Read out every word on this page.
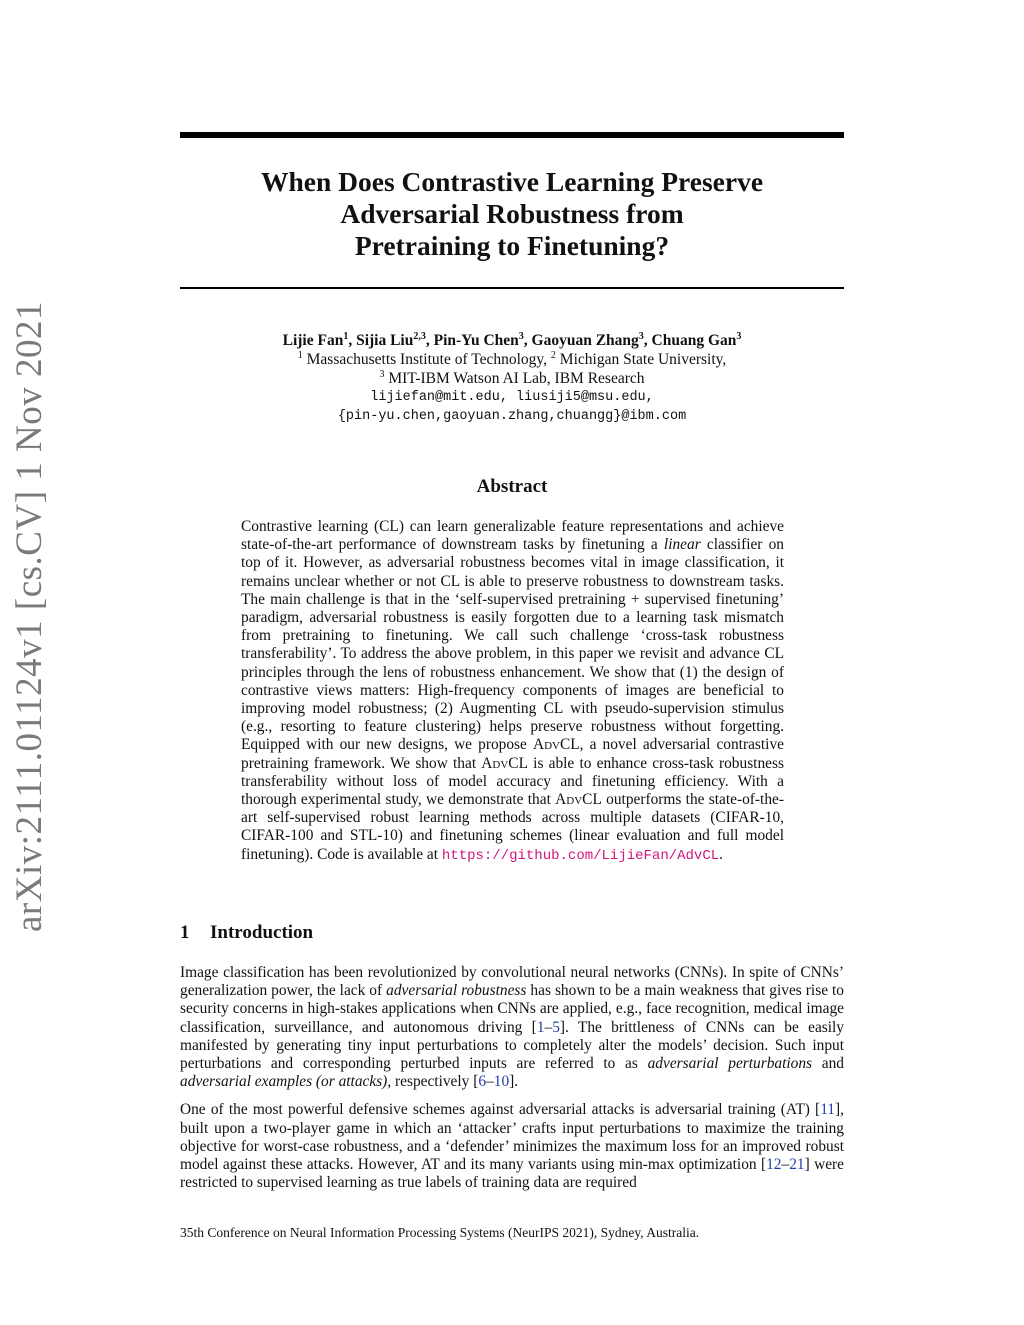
arXiv:2111.01124v1 [cs.CV] 1 Nov 2021
When Does Contrastive Learning Preserve
Adversarial Robustness from
Pretraining to Finetuning?
Lijie Fan$^1$, Sijia Liu$^{2,3}$, Pin-Yu Chen$^3$, Gaoyuan Zhang$^3$, Chuang Gan$^3$
$^1$ Massachusetts Institute of Technology, $^2$ Michigan State University,
$^3$ MIT-IBM Watson AI Lab, IBM Research
lijiefan@mit.edu, liusiji5@msu.edu,
{pin-yu.chen,gaoyuan.zhang,chuangg}@ibm.com
Abstract
Contrastive learning (CL) can learn generalizable feature representations and achieve state-of-the-art performance of downstream tasks by finetuning a linear classifier on top of it. However, as adversarial robustness becomes vital in image classification, it remains unclear whether or not CL is able to preserve robustness to downstream tasks. The main challenge is that in the ‘self-supervised pretraining + supervised finetuning’ paradigm, adversarial robustness is easily forgotten due to a learning task mismatch from pretraining to finetuning. We call such challenge ‘cross-task robustness transferability’. To address the above problem, in this paper we revisit and advance CL principles through the lens of robustness enhancement. We show that (1) the design of contrastive views matters: High-frequency components of images are beneficial to improving model robustness; (2) Augmenting CL with pseudo-supervision stimulus (e.g., resorting to feature clustering) helps preserve robustness without forgetting. Equipped with our new designs, we propose AdvCL, a novel adversarial contrastive pretraining framework. We show that AdvCL is able to enhance cross-task robustness transferability without loss of model accuracy and finetuning efficiency. With a thorough experimental study, we demonstrate that AdvCL outperforms the state-of-the-art self-supervised robust learning methods across multiple datasets (CIFAR-10, CIFAR-100 and STL-10) and finetuning schemes (linear evaluation and full model finetuning). Code is available at https://github.com/LijieFan/AdvCL.
1 Introduction

Image classification has been revolutionized by convolutional neural networks (CNNs). In spite of CNNs’ generalization power, the lack of adversarial robustness has shown to be a main weakness that gives rise to security concerns in high-stakes applications when CNNs are applied, e.g., face recognition, medical image classification, surveillance, and autonomous driving [1–5]. The brittleness of CNNs can be easily manifested by generating tiny input perturbations to completely alter the models’ decision. Such input perturbations and corresponding perturbed inputs are referred to as adversarial perturbations and adversarial examples (or attacks), respectively [6–10].

One of the most powerful defensive schemes against adversarial attacks is adversarial training (AT) [11], built upon a two-player game in which an ‘attacker’ crafts input perturbations to maximize the training objective for worst-case robustness, and a ‘defender’ minimizes the maximum loss for an improved robust model against these attacks. However, AT and its many variants using min-max optimization [12–21] were restricted to supervised learning as true labels of training data are required

35th Conference on Neural Information Processing Systems (NeurIPS 2021), Sydney, Australia.
